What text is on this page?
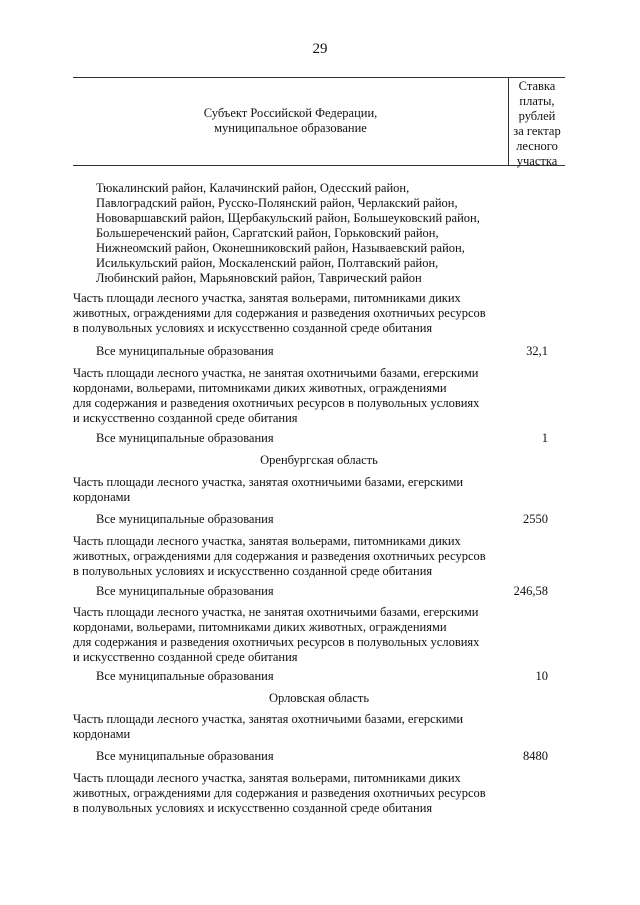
29
Субъект Российской Федерации,
муниципальное образование
Ставка
платы,
рублей
за гектар
лесного
участка
Тюкалинский район, Калачинский район, Одесский район,
Павлоградский район, Русско-Полянский район, Черлакский район,
Нововаршавский район, Щербакульский район, Большеуковский район,
Большереченский район, Саргатский район, Горьковский район,
Нижнеомский район, Оконешниковский район, Называевский район,
Исилькульский район, Москаленский район, Полтавский район,
Любинский район, Марьяновский район, Таврический район
Часть площади лесного участка, занятая вольерами, питомниками диких
животных, ограждениями для содержания и разведения охотничьих ресурсов
в полувольных условиях и искусственно созданной среде обитания
Все муниципальные образования	32,1
Часть площади лесного участка, не занятая охотничьими базами, егерскими
кордонами, вольерами, питомниками диких животных, ограждениями
для содержания и разведения охотничьих ресурсов в полувольных условиях
и искусственно созданной среде обитания
Все муниципальные образования	1
Оренбургская область
Часть площади лесного участка, занятая охотничьими базами, егерскими
кордонами
Все муниципальные образования	2550
Часть площади лесного участка, занятая вольерами, питомниками диких
животных, ограждениями для содержания и разведения охотничьих ресурсов
в полувольных условиях и искусственно созданной среде обитания
Все муниципальные образования	246,58
Часть площади лесного участка, не занятая охотничьими базами, егерскими
кордонами, вольерами, питомниками диких животных, ограждениями
для содержания и разведения охотничьих ресурсов в полувольных условиях
и искусственно созданной среде обитания
Все муниципальные образования	10
Орловская область
Часть площади лесного участка, занятая охотничьими базами, егерскими
кордонами
Все муниципальные образования	8480
Часть площади лесного участка, занятая вольерами, питомниками диких
животных, ограждениями для содержания и разведения охотничьих ресурсов
в полувольных условиях и искусственно созданной среде обитания
